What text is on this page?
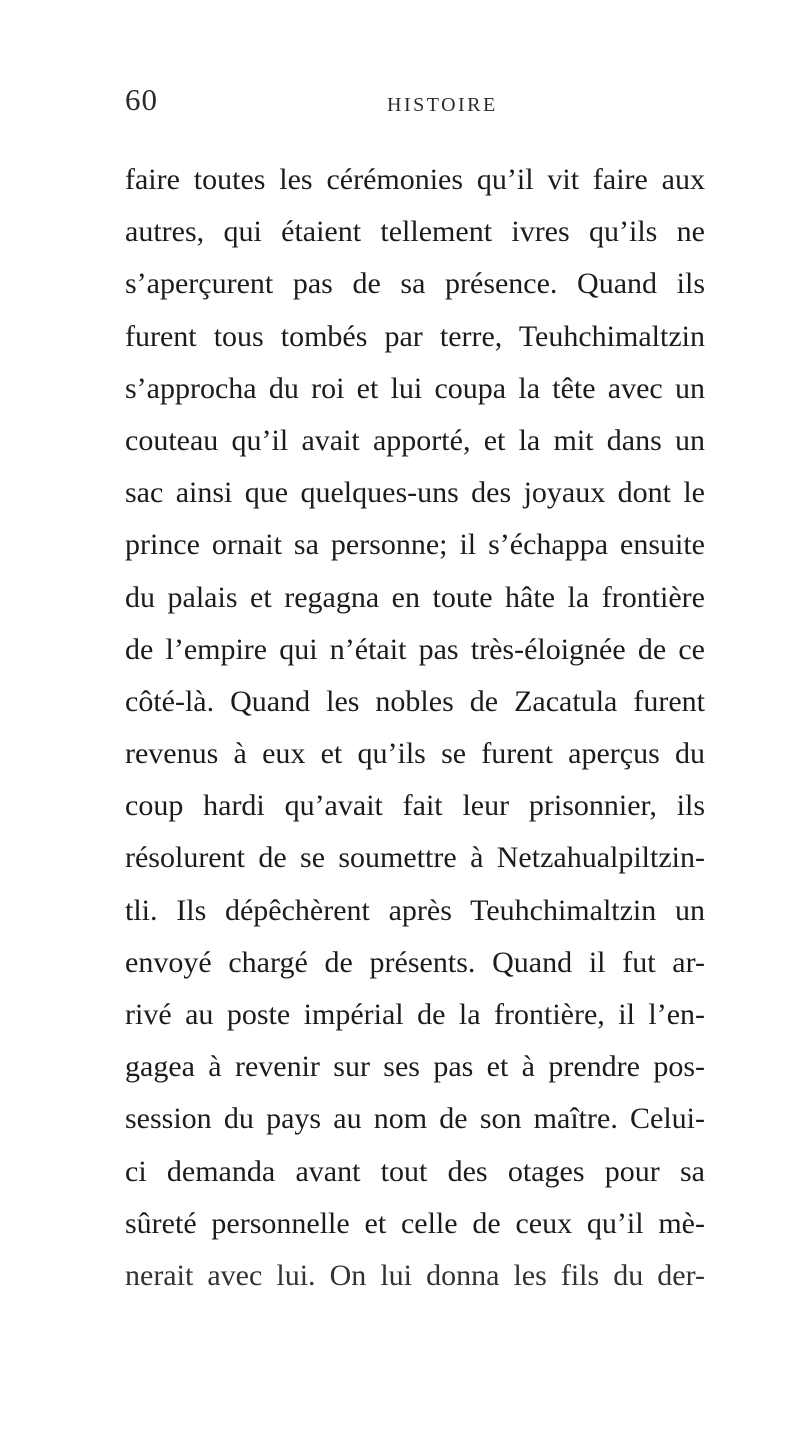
60	HISTOIRE
faire toutes les cérémonies qu’il vit faire aux
autres, qui étaient tellement ivres qu’ils ne
s’aperçurent pas de sa présence. Quand ils
furent tous tombés par terre, Teuhchimaltzin
s’approcha du roi et lui coupa la tête avec un
couteau qu’il avait apporté, et la mit dans un
sac ainsi que quelques-uns des joyaux dont le
prince ornait sa personne; il s’échappa ensuite
du palais et regagna en toute hâte la frontière
de l’empire qui n’était pas très-éloignée de ce
côté-là. Quand les nobles de Zacatula furent
revenus à eux et qu’ils se furent aperçus du
coup hardi qu’avait fait leur prisonnier, ils
résolurent de se soumettre à Netzahualpiltzin-
tli. Ils dépêchèrent après Teuhchimaltzin un
envoyé chargé de présents. Quand il fut ar-
rivé au poste impérial de la frontière, il l’en-
gagea à revenir sur ses pas et à prendre pos-
session du pays au nom de son maître. Celui-
ci demanda avant tout des otages pour sa
sûreté personnelle et celle de ceux qu’il mè-
nerait avec lui. On lui donna les fils du der-
